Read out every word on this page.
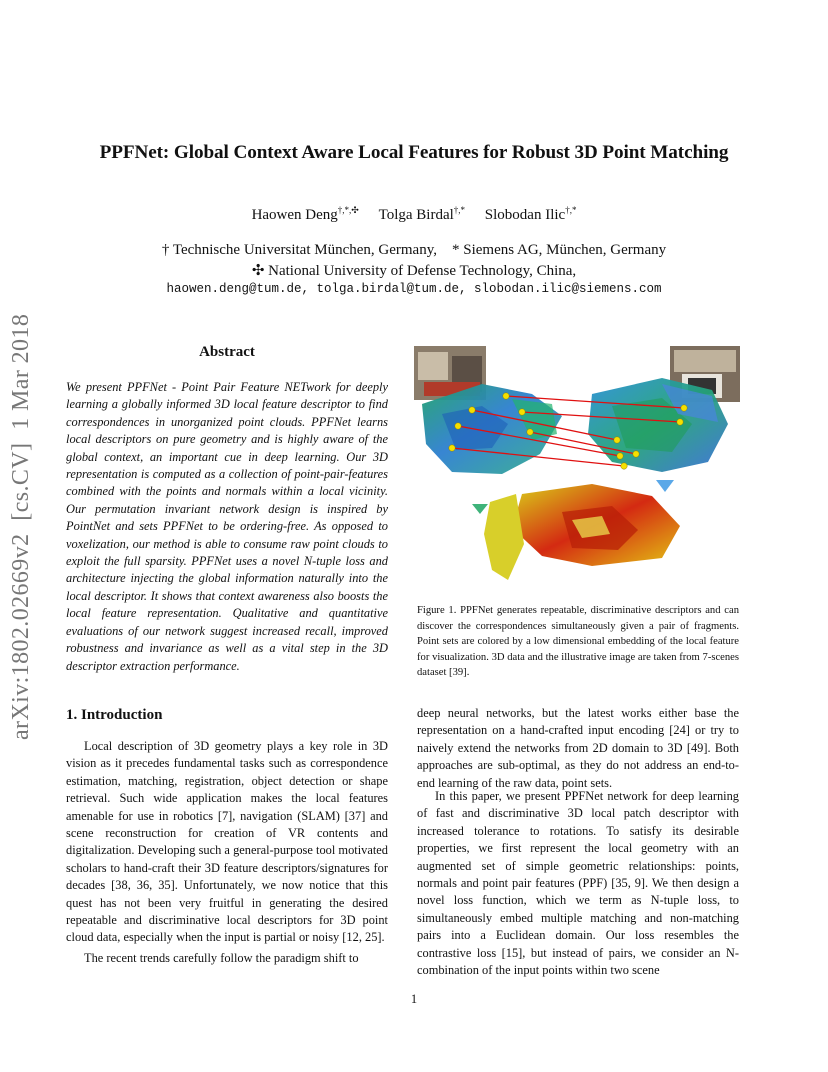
PPFNet: Global Context Aware Local Features for Robust 3D Point Matching
Haowen Deng†,*,✣ Tolga Birdal†,* Slobodan Ilic†,*
† Technische Universitat München, Germany,    * Siemens AG, München, Germany
✣ National University of Defense Technology, China,
haowen.deng@tum.de, tolga.birdal@tum.de, slobodan.ilic@siemens.com
arXiv:1802.02669v2  [cs.CV]  1 Mar 2018	Abstract
We present PPFNet - Point Pair Feature NETwork for deeply learning a globally informed 3D local feature descriptor to find correspondences in unorganized point clouds. PPFNet learns local descriptors on pure geometry and is highly aware of the global context, an important cue in deep learning. Our 3D representation is computed as a collection of point-pair-features combined with the points and normals within a local vicinity. Our permutation invariant network design is inspired by PointNet and sets PPFNet to be ordering-free. As opposed to voxelization, our method is able to consume raw point clouds to exploit the full sparsity. PPFNet uses a novel N-tuple loss and architecture injecting the global information naturally into the local descriptor. It shows that context awareness also boosts the local feature representation. Qualitative and quantitative evaluations of our network suggest increased recall, improved robustness and invariance as well as a vital step in the 3D descriptor extraction performance.
1. Introduction
Local description of 3D geometry plays a key role in 3D vision as it precedes fundamental tasks such as correspondence estimation, matching, registration, object detection or shape retrieval. Such wide application makes the local features amenable for use in robotics [7], navigation (SLAM) [37] and scene reconstruction for creation of VR contents and digitalization. Developing such a general-purpose tool motivated scholars to hand-craft their 3D feature descriptors/signatures for decades [38, 36, 35]. Unfortunately, we now notice that this quest has not been very fruitful in generating the desired repeatable and discriminative local descriptors for 3D point cloud data, especially when the input is partial or noisy [12, 25].
The recent trends carefully follow the paradigm shift to
Figure 1. PPFNet generates repeatable, discriminative descriptors and can discover the correspondences simultaneously given a pair of fragments. Point sets are colored by a low dimensional embedding of the local feature for visualization. 3D data and the illustrative image are taken from 7-scenes dataset [39].
deep neural networks, but the latest works either base the representation on a hand-crafted input encoding [24] or try to naively extend the networks from 2D domain to 3D [49]. Both approaches are sub-optimal, as they do not address an end-to-end learning of the raw data, point sets.
In this paper, we present PPFNet network for deep learning of fast and discriminative 3D local patch descriptor with increased tolerance to rotations. To satisfy its desirable properties, we first represent the local geometry with an augmented set of simple geometric relationships: points, normals and point pair features (PPF) [35, 9]. We then design a novel loss function, which we term as N-tuple loss, to simultaneously embed multiple matching and non-matching pairs into a Euclidean domain. Our loss resembles the contrastive loss [15], but instead of pairs, we consider an N-combination of the input points within two scene
1
